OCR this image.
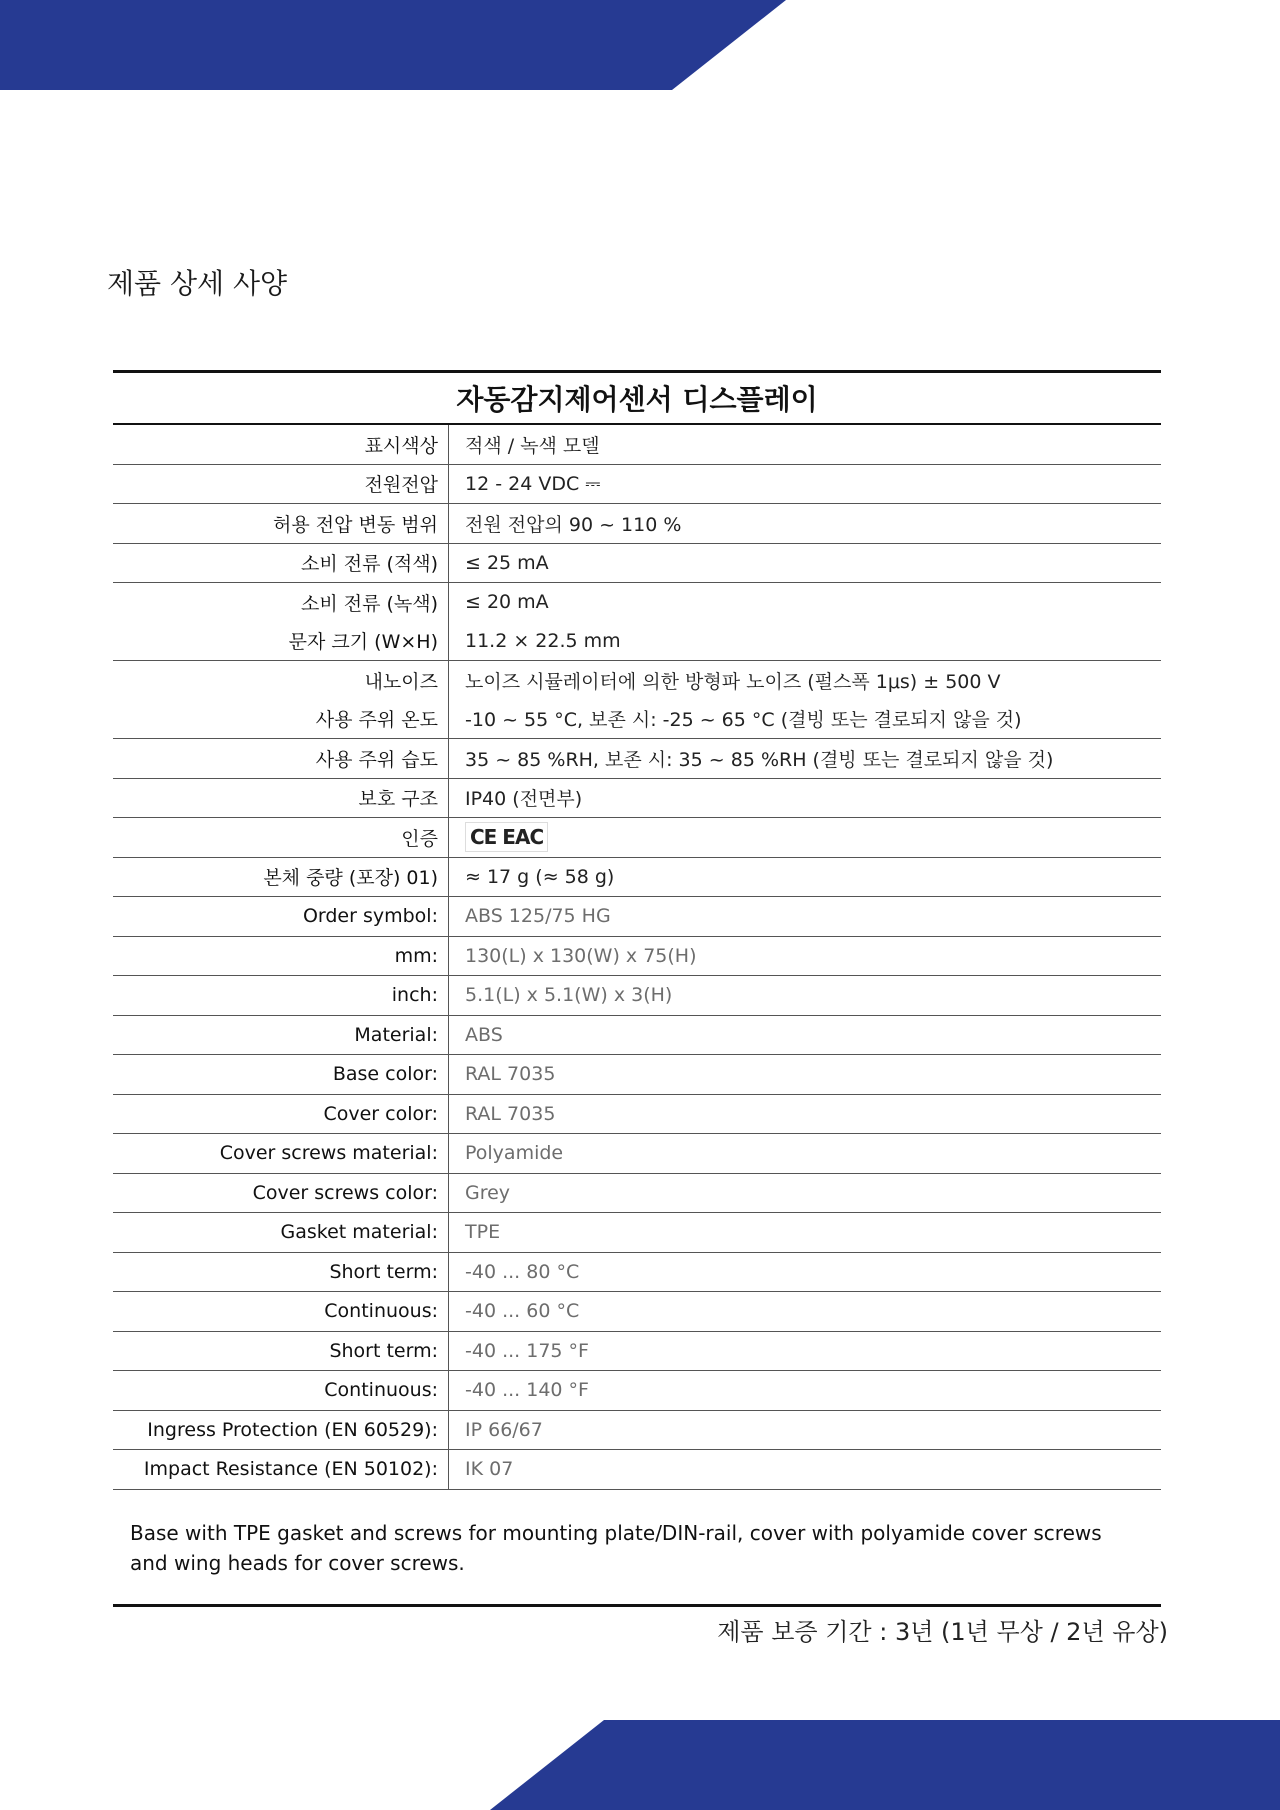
제품 상세 사양
자동감지제어센서 디스플레이	
표시색상	적색 / 녹색 모델
전원전압	12 - 24 VDC ⎓
허용 전압 변동 범위	전원 전압의 90 ~ 110 %
소비 전류 (적색)	≤ 25 mA
소비 전류 (녹색)	≤ 20 mA
문자 크기 (W×H)	11.2 × 22.5 mm
내노이즈	노이즈 시뮬레이터에 의한 방형파 노이즈 (펄스폭 1μs) ± 500 V
사용 주위 온도	-10 ~ 55 °C, 보존 시: -25 ~ 65 °C (결빙 또는 결로되지 않을 것)
사용 주위 습도	35 ~ 85 %RH, 보존 시: 35 ~ 85 %RH (결빙 또는 결로되지 않을 것)
보호 구조	IP40 (전면부)
인증	CE EAC

본체 중량 (포장) 01)	≈ 17 g (≈ 58 g)
Order symbol:	ABS 125/75 HG
mm:	130(L) x 130(W) x 75(H)
inch:	5.1(L) x 5.1(W) x 3(H)
Material:	ABS
Base color:	RAL 7035
Cover color:	RAL 7035
Cover screws material:	Polyamide
Cover screws color:	Grey
Gasket material:	TPE
Short term:	-40 ... 80 °C
Continuous:	-40 ... 60 °C
Short term:	-40 ... 175 °F
Continuous:	-40 ... 140 °F
Ingress Protection (EN 60529):	IP 66/67
Impact Resistance (EN 50102):	IK 07
Base with TPE gasket and screws for mounting plate/DIN-rail, cover with polyamide cover screws and wing heads for cover screws.	
제품 보증 기간 : 3년 (1년 무상 / 2년 유상)
